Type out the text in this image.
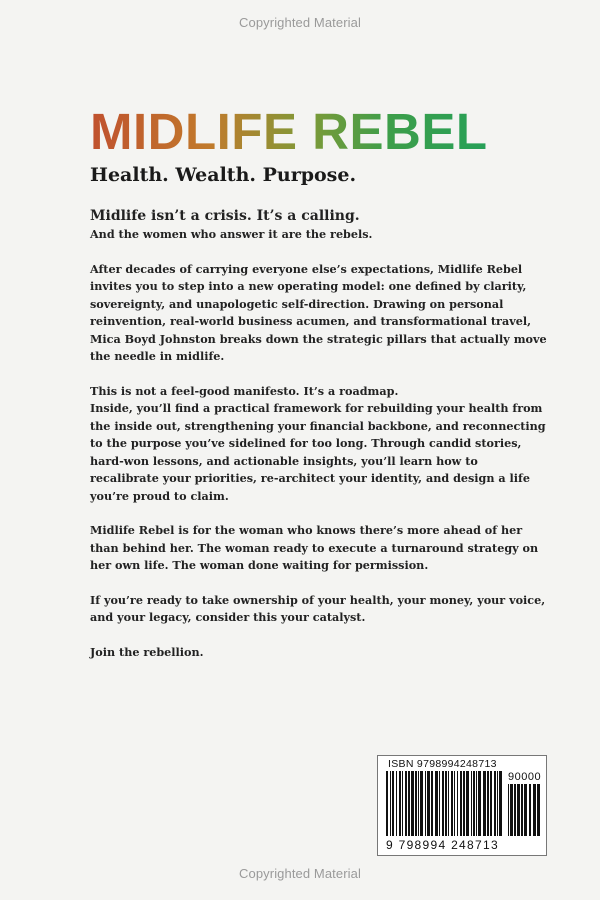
Copyrighted Material
MIDLIFE REBEL
Health. Wealth. Purpose.

Midlife isn’t a crisis. It’s a calling.
And the women who answer it are the rebels.

After decades of carrying everyone else’s expectations, Midlife Rebel invites you to step into a new operating model: one defined by clarity, sovereignty, and unapologetic self-direction. Drawing on personal reinvention, real-world business acumen, and transformational travel, Mica Boyd Johnston breaks down the strategic pillars that actually move the needle in midlife.

This is not a feel-good manifesto. It’s a roadmap.
Inside, you’ll find a practical framework for rebuilding your health from the inside out, strengthening your financial backbone, and reconnecting to the purpose you’ve sidelined for too long. Through candid stories, hard-won lessons, and actionable insights, you’ll learn how to recalibrate your priorities, re-architect your identity, and design a life you’re proud to claim.

Midlife Rebel is for the woman who knows there’s more ahead of her than behind her. The woman ready to execute a turnaround strategy on her own life. The woman done waiting for permission.

If you’re ready to take ownership of your health, your money, your voice, and your legacy, consider this your catalyst.

Join the rebellion.

ISBN 9798994248713
90000
9 798994 248713
Copyrighted Material
